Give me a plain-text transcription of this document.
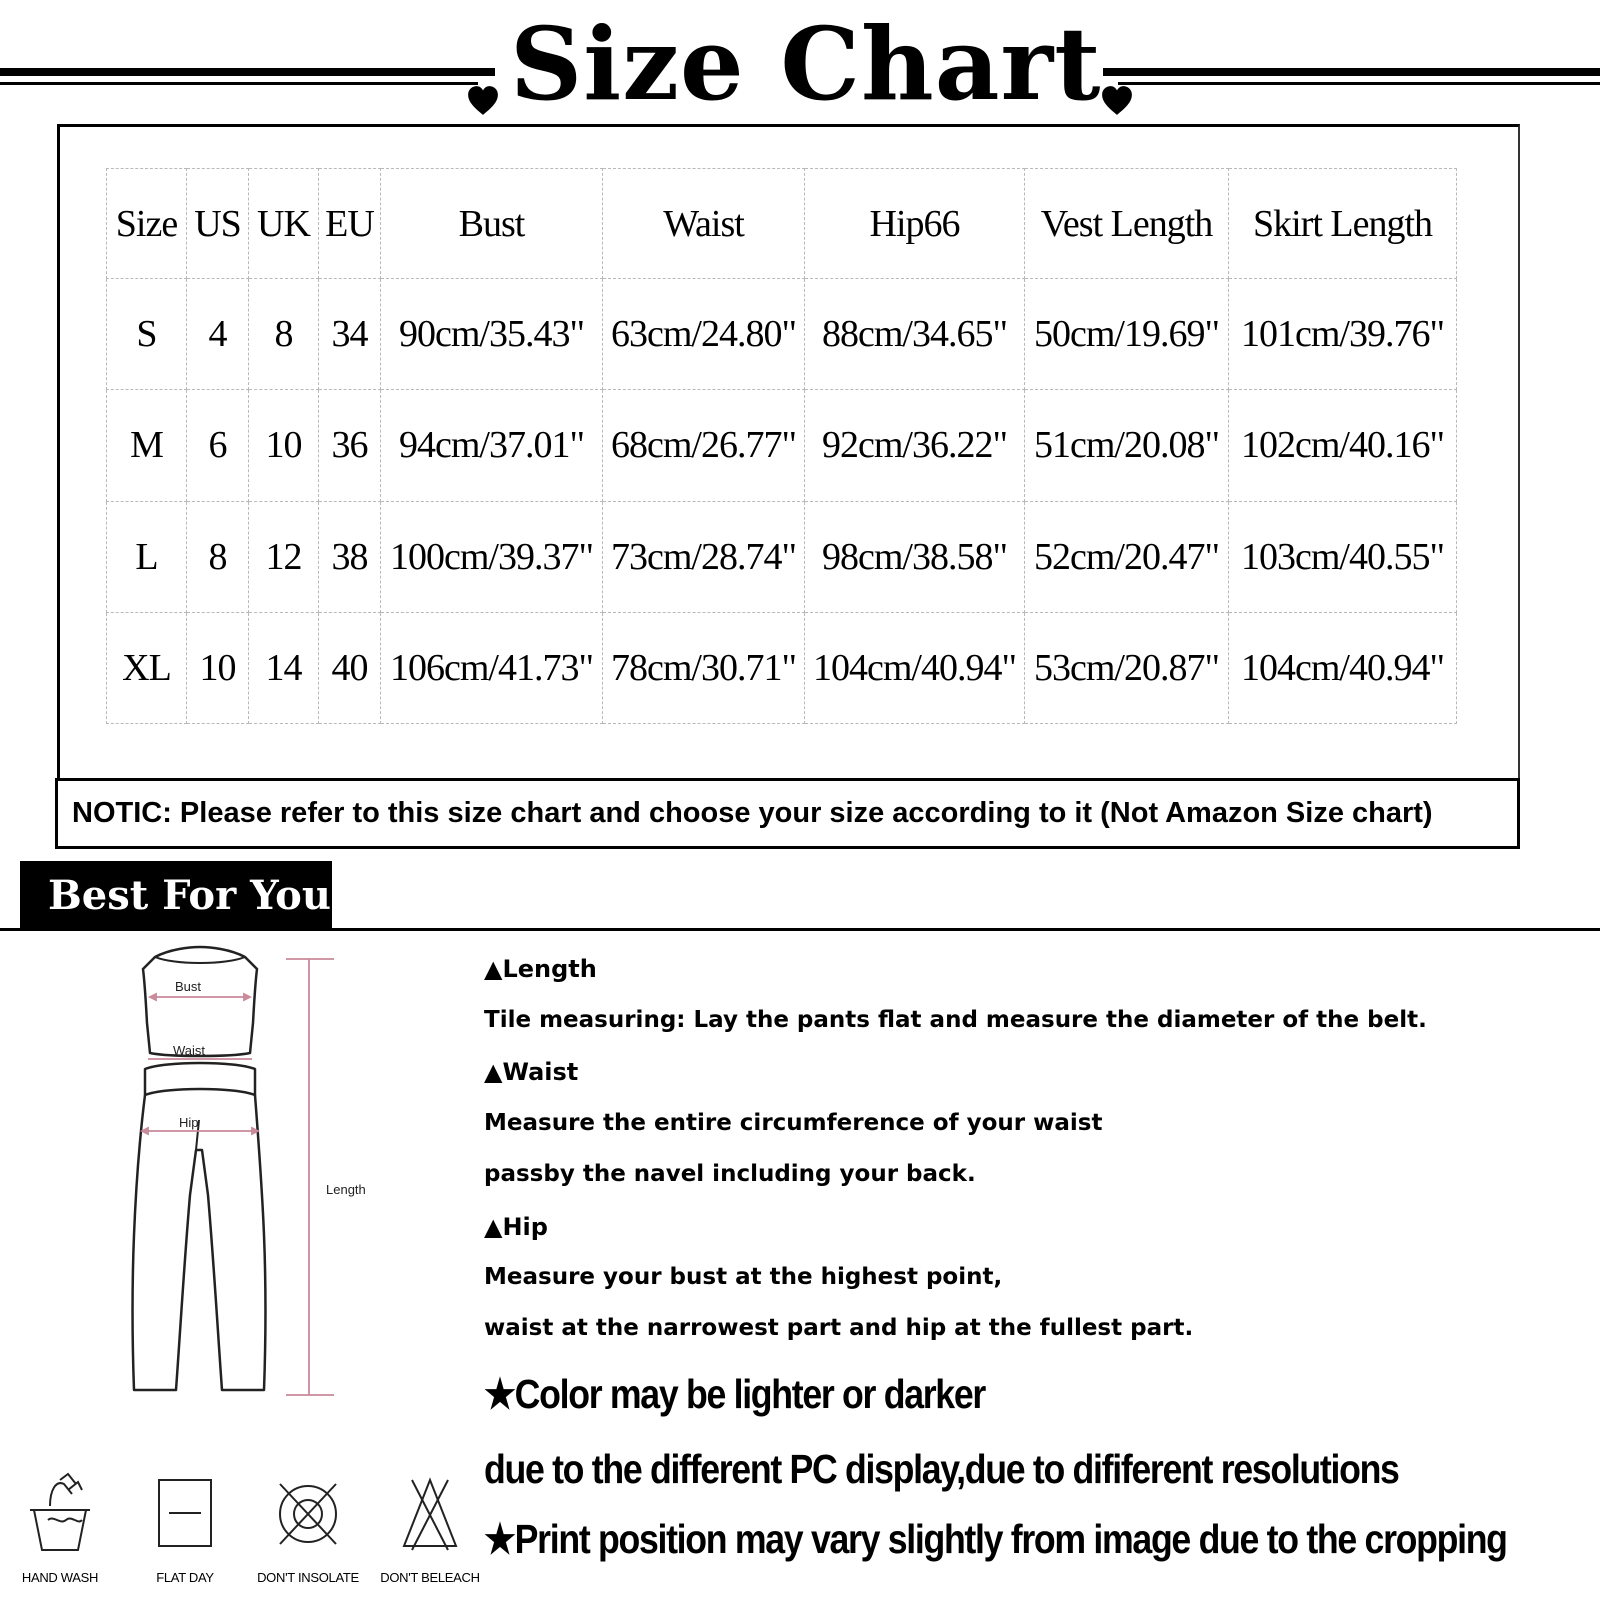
Size Chart
Size	US	UK	EU	Bust	Waist	Hip66	Vest Length	Skirt Length
S	4	8	34	90cm/35.43"	63cm/24.80"	88cm/34.65"	50cm/19.69"	101cm/39.76"
M	6	10	36	94cm/37.01"	68cm/26.77"	92cm/36.22"	51cm/20.08"	102cm/40.16"
L	8	12	38	100cm/39.37"	73cm/28.74"	98cm/38.58"	52cm/20.47"	103cm/40.55"
XL	10	14	40	106cm/41.73"	78cm/30.71"	104cm/40.94"	53cm/20.87"	104cm/40.94"
NOTIC: Please refer to this size chart and choose your size according to it (Not Amazon Size chart)
Best For You
Bust
Waist
Hip
Length
▲Length
Tile measuring: Lay the pants flat and measure the diameter of the belt.
▲Waist
Measure the entire circumference of your waist
passby the navel including your back.
▲Hip
Measure your bust at the highest point,
waist at the narrowest part and hip at the fullest part.
★Color may be lighter or darker
due to the different PC display,due to dififerent resolutions
★Print position may vary slightly from image due to the cropping
HAND WASH	FLAT DAY	DON'T INSOLATE	DON'T BELEACH
